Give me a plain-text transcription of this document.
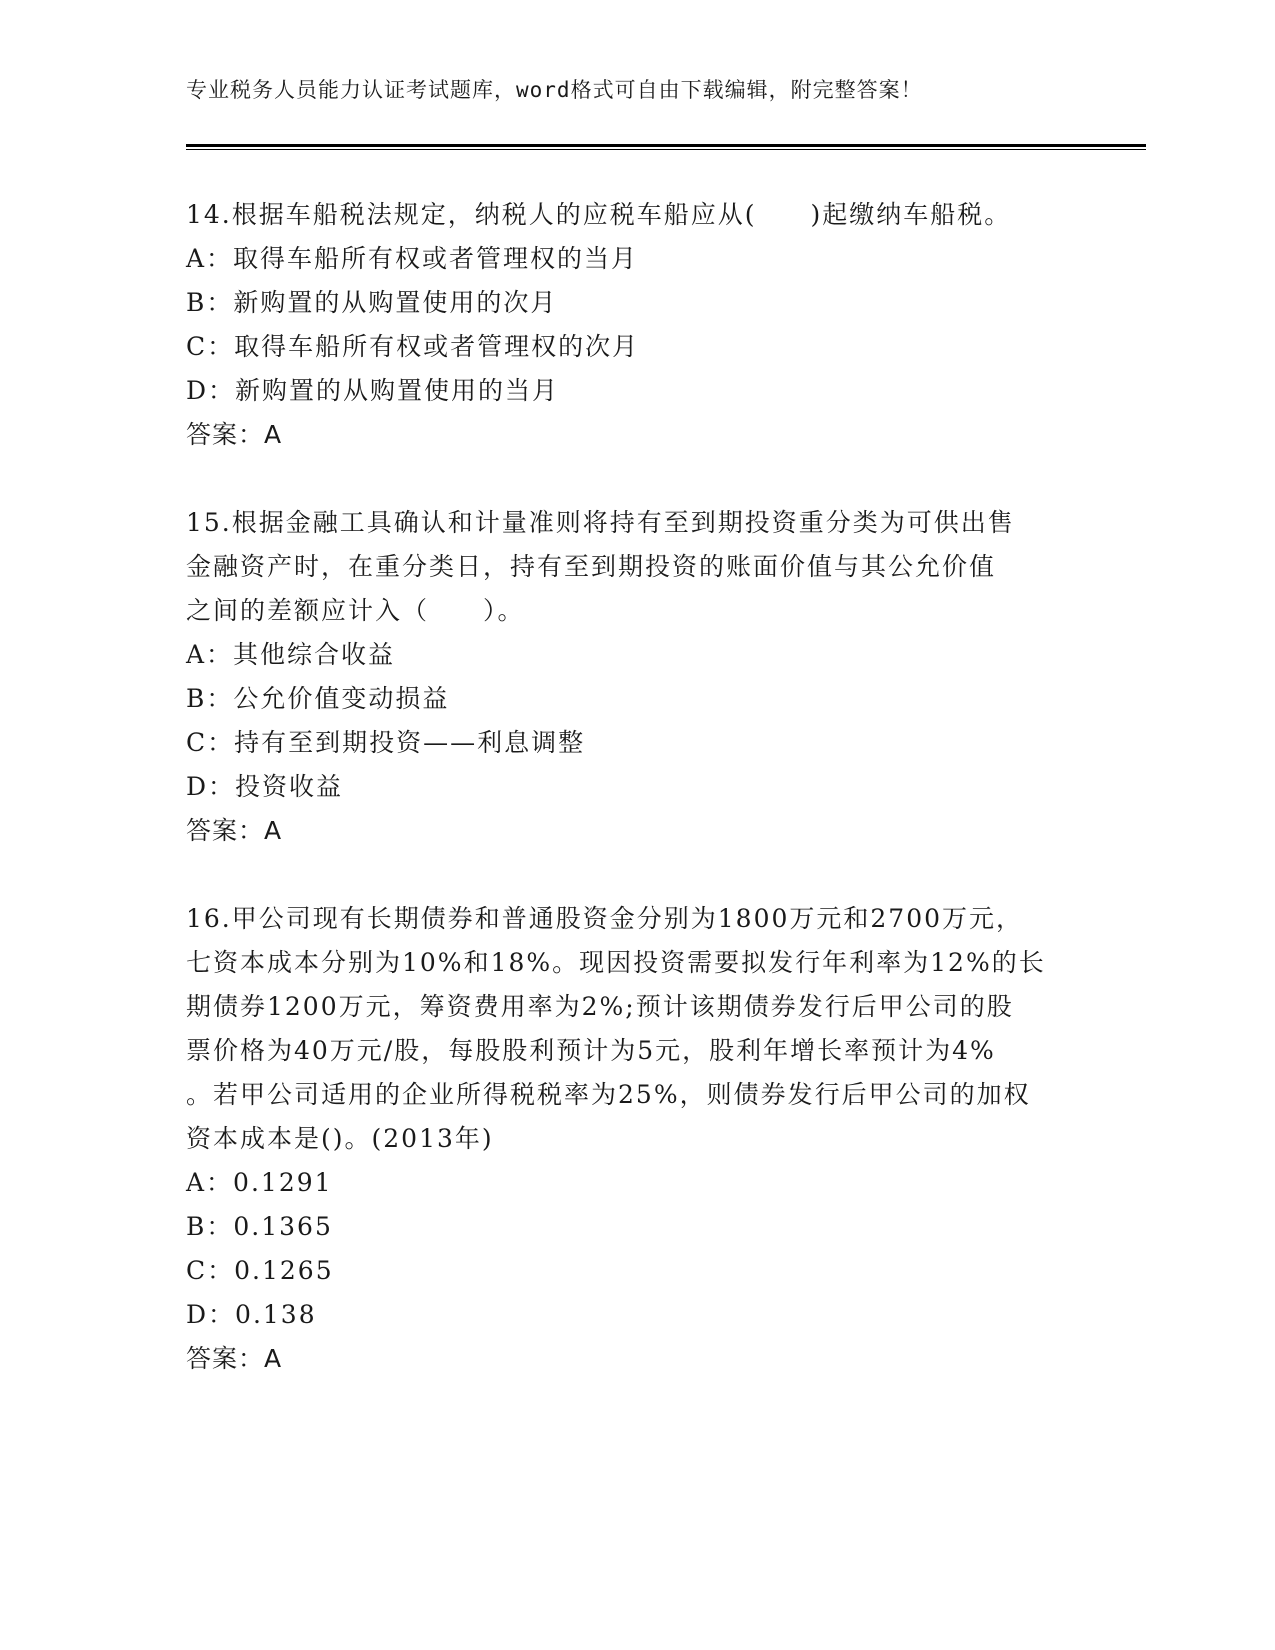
专业税务人员能力认证考试题库，word格式可自由下载编辑，附完整答案！
14.根据车船税法规定，纳税人的应税车船应从(　　)起缴纳车船税。
A：取得车船所有权或者管理权的当月
B：新购置的从购置使用的次月
C：取得车船所有权或者管理权的次月
D：新购置的从购置使用的当月
答案：A
15.根据金融工具确认和计量准则将持有至到期投资重分类为可供出售
金融资产时，在重分类日，持有至到期投资的账面价值与其公允价值
之间的差额应计入（　　）。
A：其他综合收益
B：公允价值变动损益
C：持有至到期投资——利息调整
D：投资收益
答案：A
16.甲公司现有长期债券和普通股资金分别为1800万元和2700万元，
七资本成本分别为10%和18%。现因投资需要拟发行年利率为12%的长
期债券1200万元，筹资费用率为2%;预计该期债券发行后甲公司的股
票价格为40万元/股，每股股利预计为5元，股利年增长率预计为4%
。若甲公司适用的企业所得税税率为25%，则债券发行后甲公司的加权
资本成本是()。(2013年)
A：0.1291
B：0.1365
C：0.1265
D：0.138
答案：A
